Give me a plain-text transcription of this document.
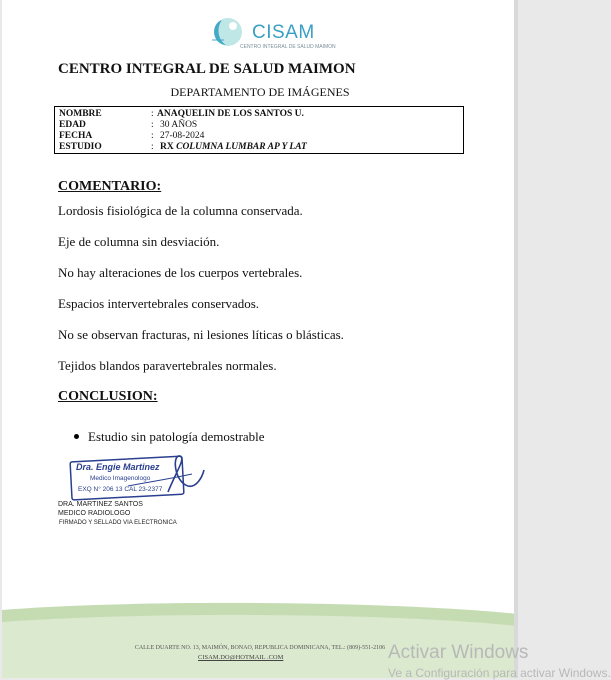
CISAM
CENTRO INTEGRAL DE SALUD MAIMON
CENTRO INTEGRAL DE SALUD MAIMON
DEPARTAMENTO DE IMÁGENES
NOMBRE	: ANAQUELIN DE LOS SANTOS U.
EDAD	: 30 AÑOS
FECHA	: 27-08-2024
ESTUDIO	: RX COLUMNA LUMBAR AP Y LAT
COMENTARIO:
Lordosis fisiológica de la columna conservada.
Eje de columna sin desviación.
No hay alteraciones de los cuerpos vertebrales.
Espacios intervertebrales conservados.
No se observan fracturas, ni lesiones líticas o blásticas.
Tejidos blandos paravertebrales normales.
CONCLUSION:
Estudio sin patología demostrable
Dra. Engie Martinez
Medico Imagenologo
EXQ N° 206 13 CAL 23-2377
DRA. MARTINEZ SANTOS
MEDICO RADIOLOGO
FIRMADO Y SELLADO VIA ELECTRONICA
CALLE DUARTE NO. 13, MAIMÓN, BONAO, REPUBLICA DOMINICANA, TEL.: (809)-551-2106
CISAM.DO@HOTMAIL .COM	Activar Windows
Ve a Configuración para activar Windows.
